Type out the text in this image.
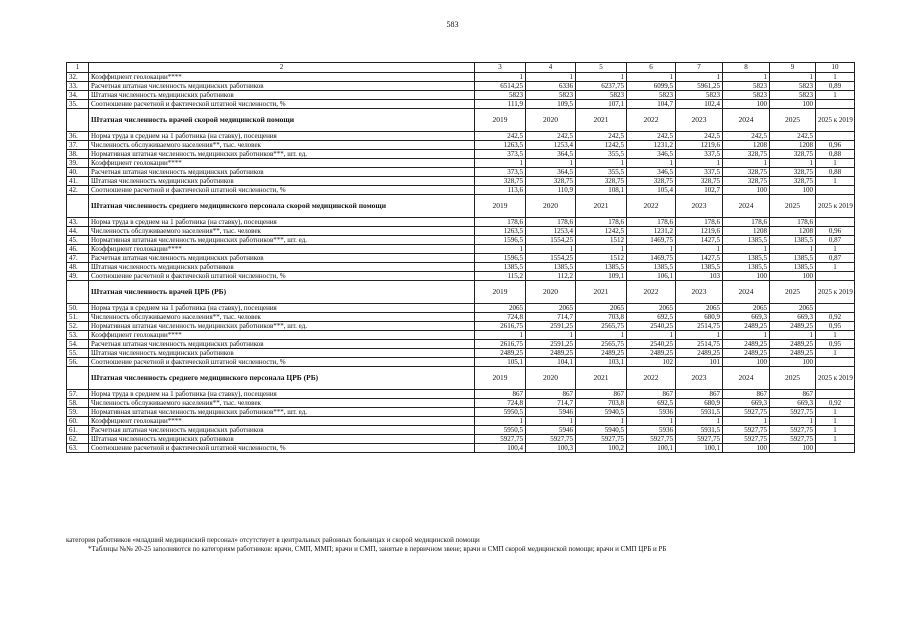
583
1	2	3	4	5	6	7	8	9	10
32.	Коэффициент геолокации****	1	1	1	1	1	1	1	1
33.	Расчетная штатная численность медицинских работников	6514,25	6336	6237,75	6099,5	5961,25	5823	5823	0,89
34.	Штатная численность медицинских работников	5823	5823	5823	5823	5823	5823	5823	1
35.	Соотношение расчетной и фактической штатной численности, %	111,9	109,5	107,1	104,7	102,4	100	100	
	Штатная численность врачей скорой медицинской помощи	2019	2020	2021	2022	2023	2024	2025	2025 к 2019
36.	Норма труда в среднем на 1 работника (на ставку), посещения	242,5	242,5	242,5	242,5	242,5	242,5	242,5	
37.	Численность обслуживаемого населения**, тыс. человек	1263,5	1253,4	1242,5	1231,2	1219,6	1208	1208	0,96
38.	Нормативная штатная численность медицинских работников***, шт. ед.	373,5	364,5	355,5	346,5	337,5	328,75	328,75	0,88
39.	Коэффициент геолокации****	1	1	1	1	1	1	1	1
40.	Расчетная штатная численность медицинских работников	373,5	364,5	355,5	346,5	337,5	328,75	328,75	0,88
41.	Штатная численность медицинских работников	328,75	328,75	328,75	328,75	328,75	328,75	328,75	1
42.	Соотношение расчетной и фактической штатной численности, %	113,6	110,9	108,1	105,4	102,7	100	100	
	Штатная численность среднего медицинского персонала скорой медицинской помощи	2019	2020	2021	2022	2023	2024	2025	2025 к 2019
43.	Норма труда в среднем на 1 работника (на ставку), посещения	178,6	178,6	178,6	178,6	178,6	178,6	178,6	
44.	Численность обслуживаемого населения**, тыс. человек	1263,5	1253,4	1242,5	1231,2	1219,6	1208	1208	0,96
45.	Нормативная штатная численность медицинских работников***, шт. ед.	1596,5	1554,25	1512	1469,75	1427,5	1385,5	1385,5	0,87
46.	Коэффициент геолокации****	1	1	1	1	1	1	1	1
47.	Расчетная штатная численность медицинских работников	1596,5	1554,25	1512	1469,75	1427,5	1385,5	1385,5	0,87
48.	Штатная численность медицинских работников	1385,5	1385,5	1385,5	1385,5	1385,5	1385,5	1385,5	1
49.	Соотношение расчетной и фактической штатной численности, %	115,2	112,2	109,1	106,1	103	100	100	
	Штатная численность врачей ЦРБ (РБ)	2019	2020	2021	2022	2023	2024	2025	2025 к 2019
50.	Норма труда в среднем на 1 работника (на ставку), посещения	2065	2065	2065	2065	2065	2065	2065	
51.	Численность обслуживаемого населения**, тыс. человек	724,8	714,7	703,8	692,5	680,9	669,3	669,3	0,92
52.	Нормативная штатная численность медицинских работников***, шт. ед.	2616,75	2591,25	2565,75	2540,25	2514,75	2489,25	2489,25	0,95
53.	Коэффициент геолокации****	1	1	1	1	1	1	1	1
54.	Расчетная штатная численность медицинских работников	2616,75	2591,25	2565,75	2540,25	2514,75	2489,25	2489,25	0,95
55.	Штатная численность медицинских работников	2489,25	2489,25	2489,25	2489,25	2489,25	2489,25	2489,25	1
56.	Соотношение расчетной и фактической штатной численности, %	105,1	104,1	103,1	102	101	100	100	
	Штатная численность среднего медицинского персонала ЦРБ (РБ)	2019	2020	2021	2022	2023	2024	2025	2025 к 2019
57.	Норма труда в среднем на 1 работника (на ставку), посещения	867	867	867	867	867	867	867	
58.	Численность обслуживаемого населения**, тыс. человек	724,8	714,7	703,8	692,5	680,9	669,3	669,3	0,92
59.	Нормативная штатная численность медицинских работников***, шт. ед.	5950,5	5946	5940,5	5936	5931,5	5927,75	5927,75	1
60.	Коэффициент геолокации****	1	1	1	1	1	1	1	1
61.	Расчетная штатная численность медицинских работников	5950,5	5946	5940,5	5936	5931,5	5927,75	5927,75	1
62.	Штатная численность медицинских работников	5927,75	5927,75	5927,75	5927,75	5927,75	5927,75	5927,75	1
63.	Соотношение расчетной и фактической штатной численности, %	100,4	100,3	100,2	100,1	100,1	100	100	
категория работников «младший медицинский персонал» отсутствует в центральных районных больницах и скорой медицинской помощи
*Таблицы №№ 20-25 заполняются по категориям работников: врачи, СМП, ММП; врачи и СМП, занятые в первичном звене; врачи и СМП скорой медицинской помощи; врачи и СМП ЦРБ и РБ
